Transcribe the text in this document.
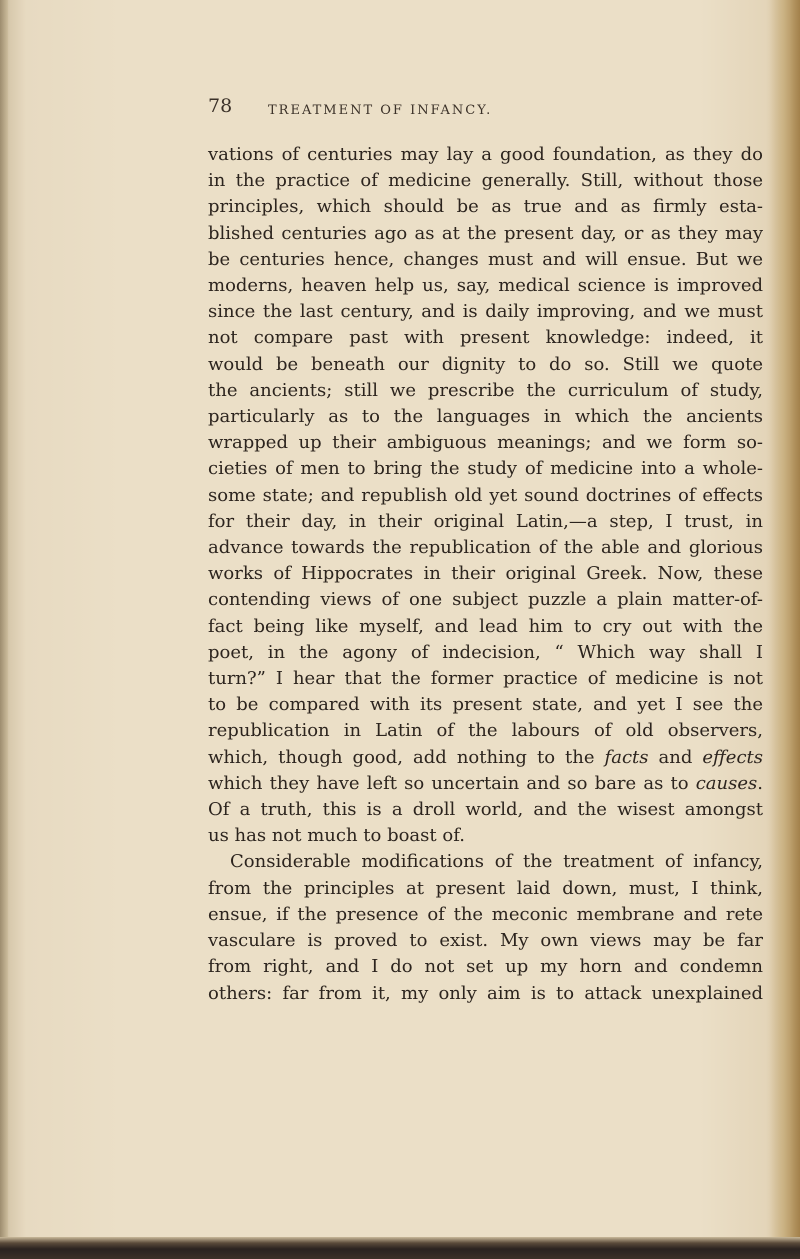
78	TREATMENT OF INFANCY.
vations of centuries may lay a good foundation, as they do
in the practice of medicine generally. Still, without those
principles, which should be as true and as firmly esta-
blished centuries ago as at the present day, or as they may
be centuries hence, changes must and will ensue. But we
moderns, heaven help us, say, medical science is improved
since the last century, and is daily improving, and we must
not compare past with present knowledge: indeed, it
would be beneath our dignity to do so. Still we quote
the ancients; still we prescribe the curriculum of study,
particularly as to the languages in which the ancients
wrapped up their ambiguous meanings; and we form so-
cieties of men to bring the study of medicine into a whole-
some state; and republish old yet sound doctrines of effects
for their day, in their original Latin,—a step, I trust, in
advance towards the republication of the able and glorious
works of Hippocrates in their original Greek. Now, these
contending views of one subject puzzle a plain matter-of-
fact being like myself, and lead him to cry out with the
poet, in the agony of indecision, “ Which way shall I
turn?” I hear that the former practice of medicine is not
to be compared with its present state, and yet I see the
republication in Latin of the labours of old observers,
which, though good, add nothing to the facts and effects
which they have left so uncertain and so bare as to causes.
Of a truth, this is a droll world, and the wisest amongst
us has not much to boast of.
Considerable modifications of the treatment of infancy,
from the principles at present laid down, must, I think,
ensue, if the presence of the meconic membrane and rete
vasculare is proved to exist. My own views may be far
from right, and I do not set up my horn and condemn
others: far from it, my only aim is to attack unexplained
